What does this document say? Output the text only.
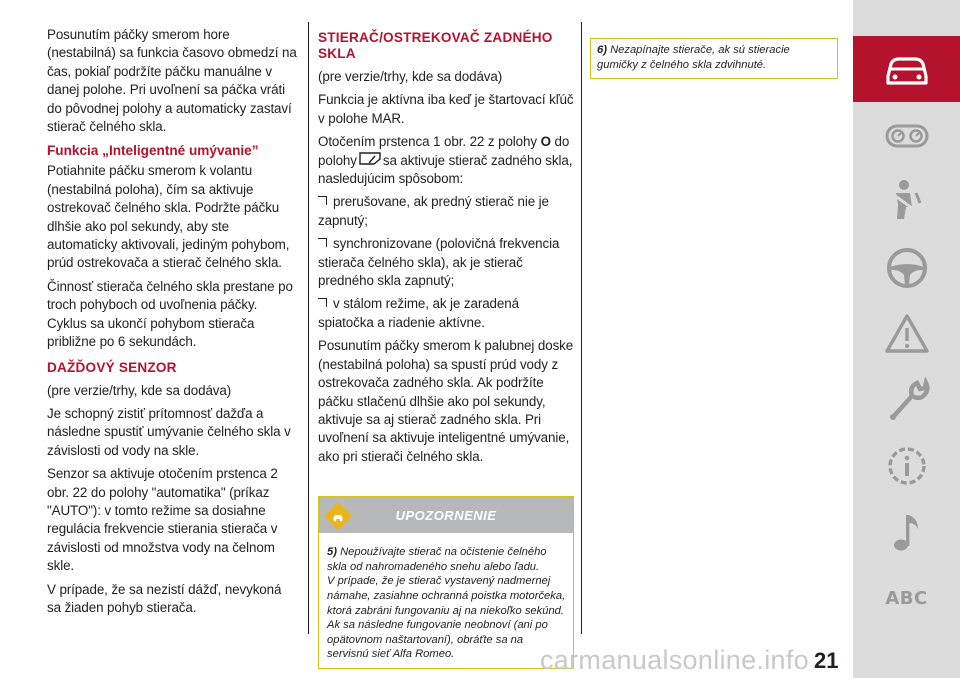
Posunutím páčky smerom hore (nestabilná) sa funkcia časovo obmedzí na čas, pokiaľ podržíte páčku manuálne v danej polohe. Pri uvoľnení sa páčka vráti do pôvodnej polohy a automaticky zastaví stierač čelného skla.

Funkcia „Inteligentné umývanie”

Potiahnite páčku smerom k volantu (nestabilná poloha), čím sa aktivuje ostrekovač čelného skla. Podržte páčku dlhšie ako pol sekundy, aby ste automaticky aktivovali, jediným pohybom, prúd ostrekovača a stierač čelného skla.

Činnosť stierača čelného skla prestane po troch pohyboch od uvoľnenia páčky. Cyklus sa ukončí pohybom stierača približne po 6 sekundách.

DAŽĎOVÝ SENZOR

(pre verzie/trhy, kde sa dodáva)

Je schopný zistiť prítomnosť dažďa a následne spustiť umývanie čelného skla v závislosti od vody na skle.

Senzor sa aktivuje otočením prstenca 2 obr. 22 do polohy "automatika" (príkaz "AUTO"): v tomto režime sa dosiahne regulácia frekvencie stierania stierača v závislosti od množstva vody na čelnom skle.

V prípade, že sa nezistí dážď, nevykoná sa žiaden pohyb stierača.

STIERAČ/OSTREKOVAČ ZADNÉHO SKLA

(pre verzie/trhy, kde sa dodáva)

Funkcia je aktívna iba keď je štartovací kľúč v polohe MAR.

Otočením prstenca 1 obr. 22 z polohy O do polohy sa aktivuje stierač zadného skla, nasledujúcim spôsobom:

prerušovane, ak predný stierač nie je zapnutý;

synchronizovane (polovičná frekvencia stierača čelného skla), ak je stierač predného skla zapnutý;

v stálom režime, ak je zaradená spiatočka a riadenie aktívne.

Posunutím páčky smerom k palubnej doske (nestabilná poloha) sa spustí prúd vody z ostrekovača zadného skla. Ak podržíte páčku stlačenú dlhšie ako pol sekundy, aktivuje sa aj stierač zadného skla. Pri uvoľnení sa aktivuje inteligentné umývanie, ako pri stierači čelného skla.

UPOZORNENIE
5) Nepoužívajte stierač na očistenie čelného skla od nahromadeného snehu alebo ľadu.
V prípade, že je stierač vystavený nadmernej námahe, zasiahne ochranná poistka motorčeka, ktorá zabráni fungovaniu aj na niekoľko sekúnd. Ak sa následne fungovanie neobnoví (ani po opätovnom naštartovaní), obráťte sa na servisnú sieť Alfa Romeo.
6) Nezapínajte stierače, ak sú stieracie gumičky z čelného skla zdvihnuté.
ABC
carmanualsonline.info 21
